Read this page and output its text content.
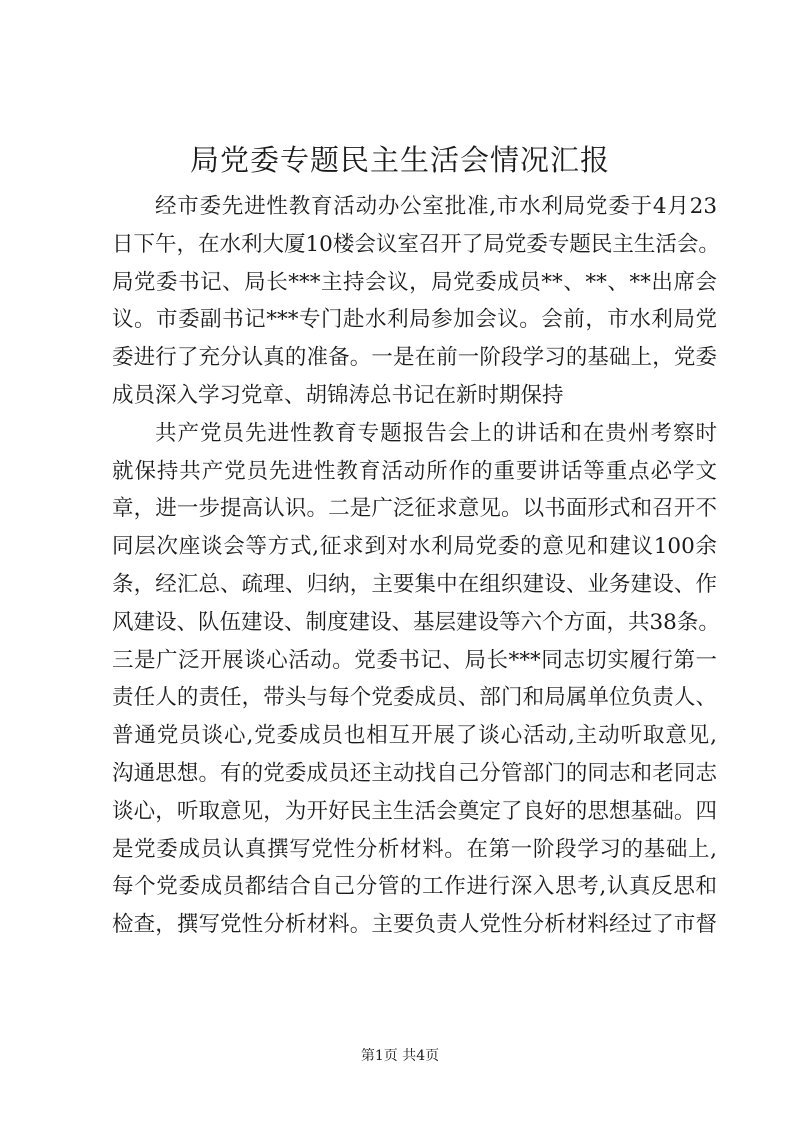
局党委专题民主生活会情况汇报
经市委先进性教育活动办公室批准,市水利局党委于4月23
日下午，在水利大厦10楼会议室召开了局党委专题民主生活会。
局党委书记、局长***主持会议，局党委成员**、**、**出席会
议。市委副书记***专门赴水利局参加会议。会前，市水利局党
委进行了充分认真的准备。一是在前一阶段学习的基础上，党委
成员深入学习党章、胡锦涛总书记在新时期保持
共产党员先进性教育专题报告会上的讲话和在贵州考察时
就保持共产党员先进性教育活动所作的重要讲话等重点必学文
章，进一步提高认识。二是广泛征求意见。以书面形式和召开不
同层次座谈会等方式,征求到对水利局党委的意见和建议100余
条，经汇总、疏理、归纳，主要集中在组织建设、业务建设、作
风建设、队伍建设、制度建设、基层建设等六个方面，共38条。
三是广泛开展谈心活动。党委书记、局长***同志切实履行第一
责任人的责任，带头与每个党委成员、部门和局属单位负责人、
普通党员谈心,党委成员也相互开展了谈心活动,主动听取意见,
沟通思想。有的党委成员还主动找自己分管部门的同志和老同志
谈心，听取意见，为开好民主生活会奠定了良好的思想基础。四
是党委成员认真撰写党性分析材料。在第一阶段学习的基础上,
每个党委成员都结合自己分管的工作进行深入思考,认真反思和
检查，撰写党性分析材料。主要负责人党性分析材料经过了市督
第1页 共4页
